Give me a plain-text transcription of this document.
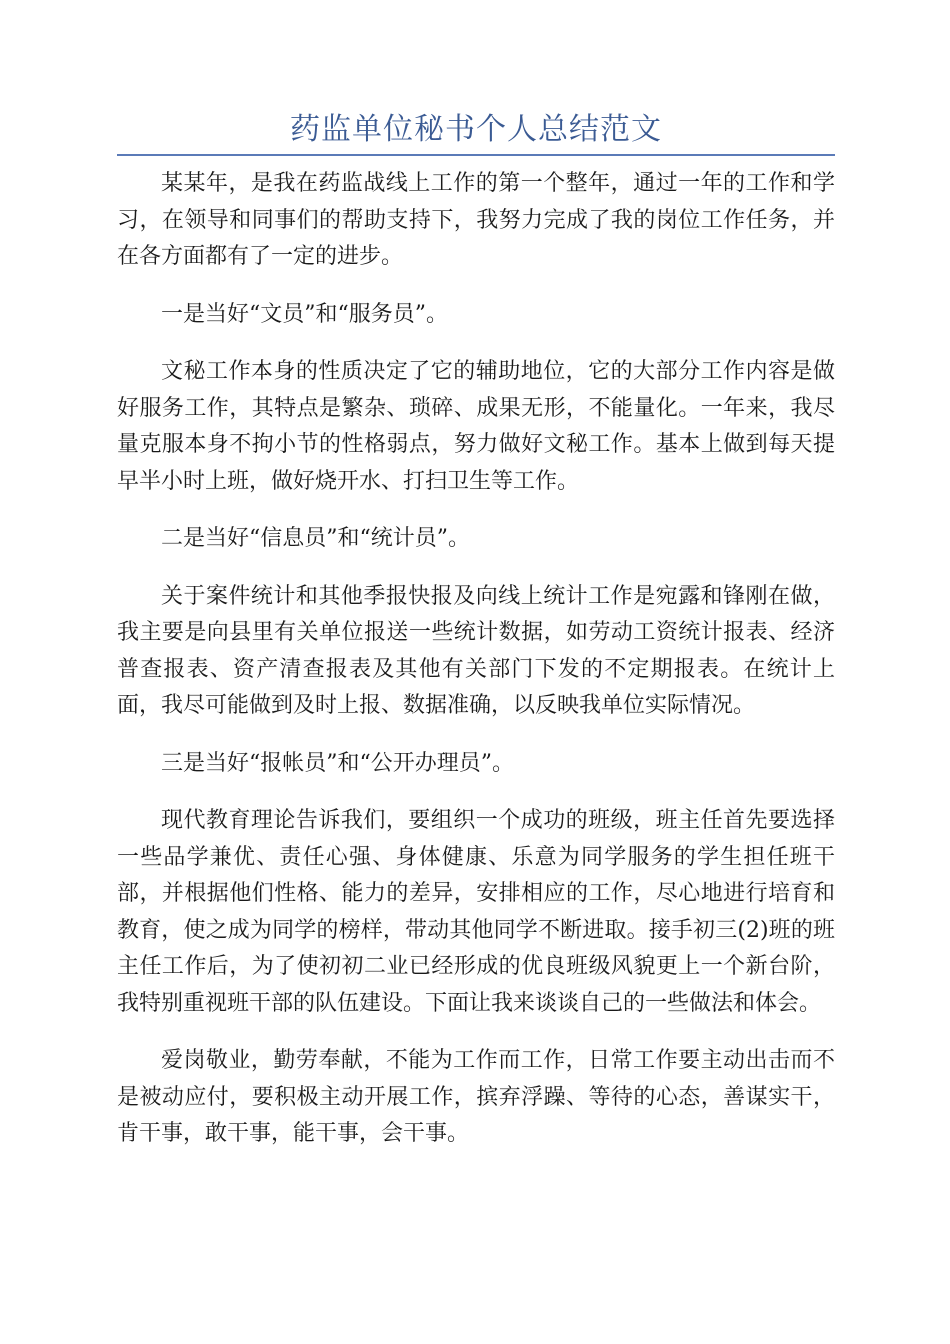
药监单位秘书个人总结范文

某某年，是我在药监战线上工作的第一个整年，通过一年的工作和学习，在领导和同事们的帮助支持下，我努力完成了我的岗位工作任务，并在各方面都有了一定的进步。

一是当好“文员”和“服务员”。

文秘工作本身的性质决定了它的辅助地位，它的大部分工作内容是做好服务工作，其特点是繁杂、琐碎、成果无形，不能量化。一年来，我尽量克服本身不拘小节的性格弱点，努力做好文秘工作。基本上做到每天提早半小时上班，做好烧开水、打扫卫生等工作。

二是当好“信息员”和“统计员”。

关于案件统计和其他季报快报及向线上统计工作是宛露和锋刚在做，我主要是向县里有关单位报送一些统计数据，如劳动工资统计报表、经济普查报表、资产清查报表及其他有关部门下发的不定期报表。在统计上面，我尽可能做到及时上报、数据准确，以反映我单位实际情况。

三是当好“报帐员”和“公开办理员”。

现代教育理论告诉我们，要组织一个成功的班级，班主任首先要选择一些品学兼优、责任心强、身体健康、乐意为同学服务的学生担任班干部，并根据他们性格、能力的差异，安排相应的工作，尽心地进行培育和教育，使之成为同学的榜样，带动其他同学不断进取。接手初三(2)班的班主任工作后，为了使初初二业已经形成的优良班级风貌更上一个新台阶，我特别重视班干部的队伍建设。下面让我来谈谈自己的一些做法和体会。

爱岗敬业，勤劳奉献，不能为工作而工作，日常工作要主动出击而不是被动应付，要积极主动开展工作，摈弃浮躁、等待的心态，善谋实干，肯干事，敢干事，能干事，会干事。
